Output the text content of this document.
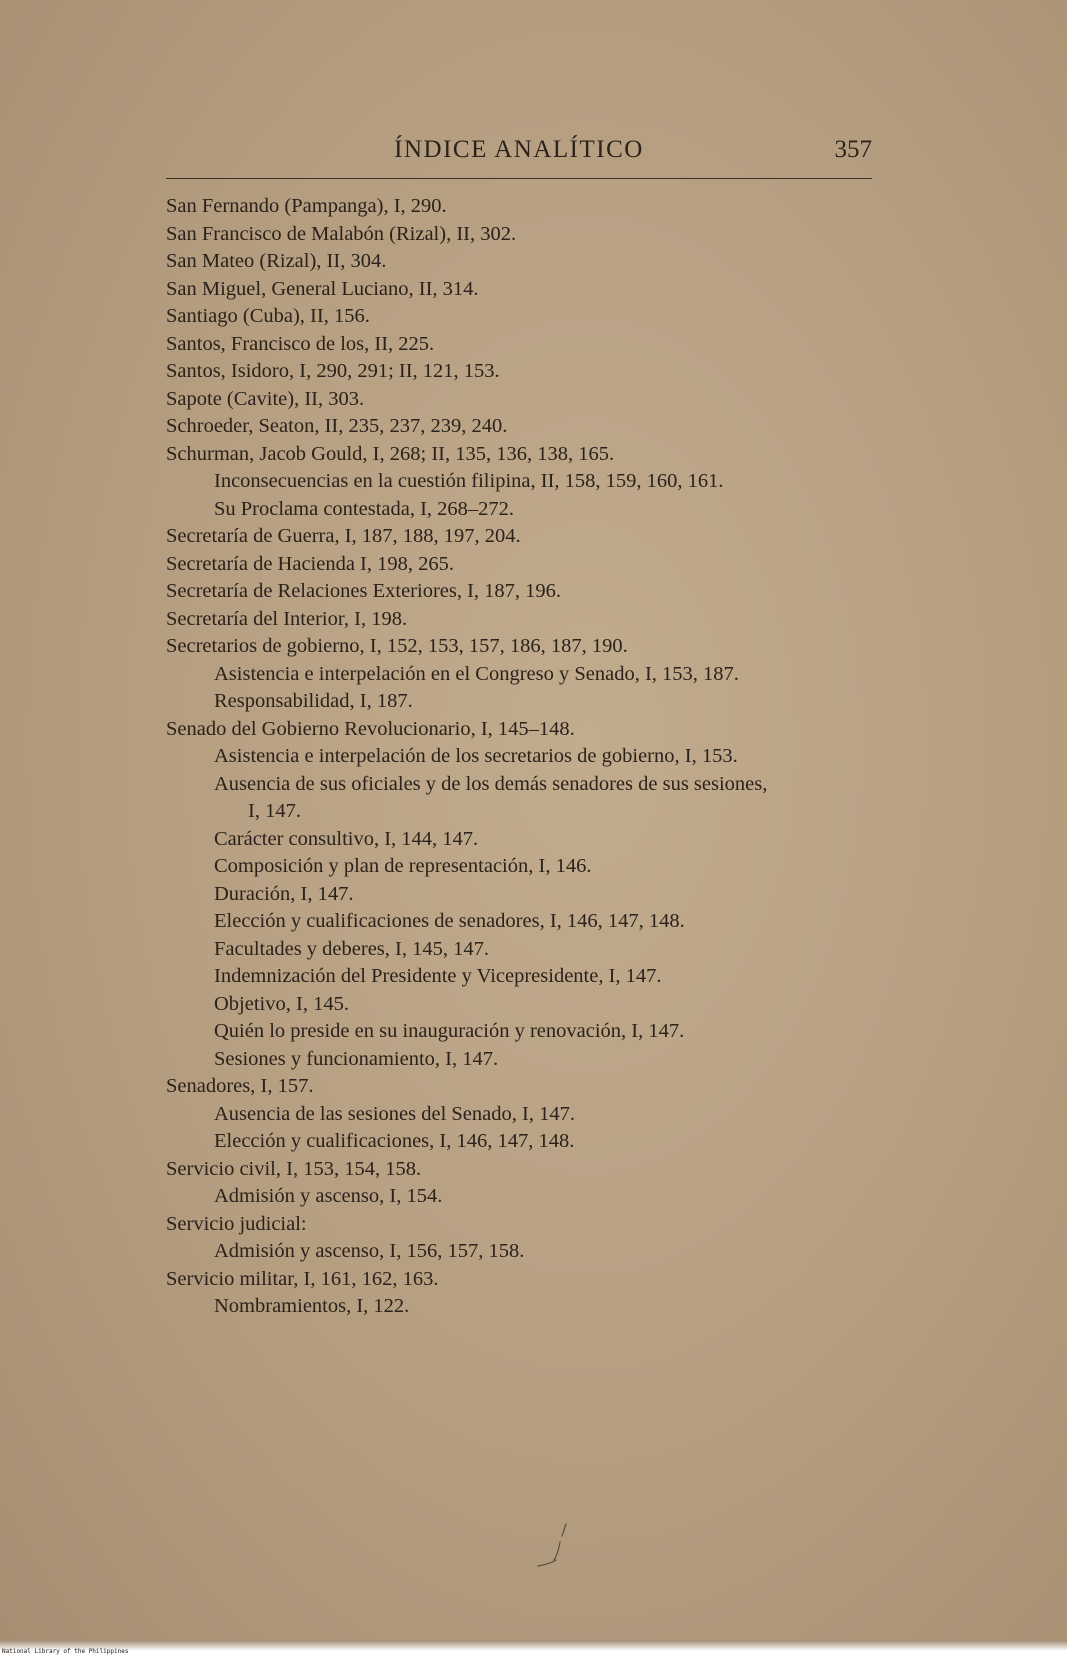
ÍNDICE ANALÍTICO	357
San Fernando (Pampanga), I, 290.
San Francisco de Malabón (Rizal), II, 302.
San Mateo (Rizal), II, 304.
San Miguel, General Luciano, II, 314.
Santiago (Cuba), II, 156.
Santos, Francisco de los, II, 225.
Santos, Isidoro, I, 290, 291; II, 121, 153.
Sapote (Cavite), II, 303.
Schroeder, Seaton, II, 235, 237, 239, 240.
Schurman, Jacob Gould, I, 268; II, 135, 136, 138, 165.
Inconsecuencias en la cuestión filipina, II, 158, 159, 160, 161.
Su Proclama contestada, I, 268–272.
Secretaría de Guerra, I, 187, 188, 197, 204.
Secretaría de Hacienda I, 198, 265.
Secretaría de Relaciones Exteriores, I, 187, 196.
Secretaría del Interior, I, 198.
Secretarios de gobierno, I, 152, 153, 157, 186, 187, 190.
Asistencia e interpelación en el Congreso y Senado, I, 153, 187.
Responsabilidad, I, 187.
Senado del Gobierno Revolucionario, I, 145–148.
Asistencia e interpelación de los secretarios de gobierno, I, 153.
Ausencia de sus oficiales y de los demás senadores de sus sesiones,
I, 147.
Carácter consultivo, I, 144, 147.
Composición y plan de representación, I, 146.
Duración, I, 147.
Elección y cualificaciones de senadores, I, 146, 147, 148.
Facultades y deberes, I, 145, 147.
Indemnización del Presidente y Vicepresidente, I, 147.
Objetivo, I, 145.
Quién lo preside en su inauguración y renovación, I, 147.
Sesiones y funcionamiento, I, 147.
Senadores, I, 157.
Ausencia de las sesiones del Senado, I, 147.
Elección y cualificaciones, I, 146, 147, 148.
Servicio civil, I, 153, 154, 158.
Admisión y ascenso, I, 154.
Servicio judicial:
Admisión y ascenso, I, 156, 157, 158.
Servicio militar, I, 161, 162, 163.
Nombramientos, I, 122.
National Library of the Philippines
